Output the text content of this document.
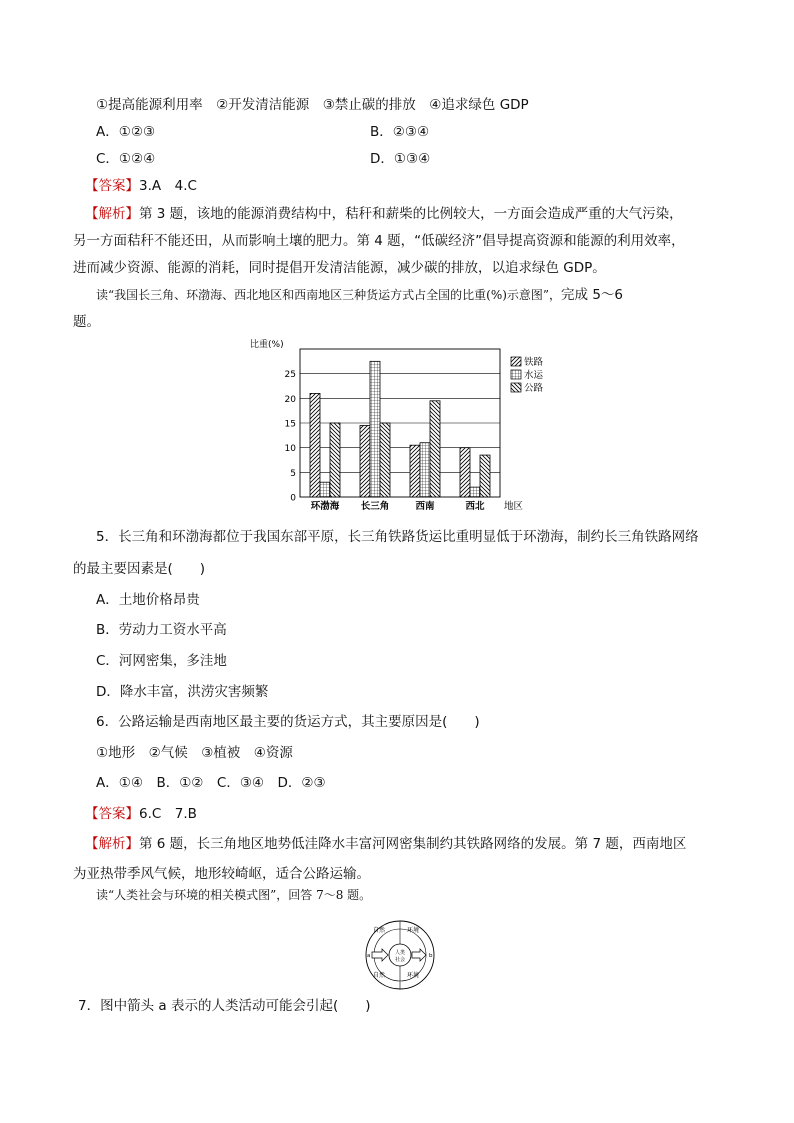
①提高能源利用率　②开发清洁能源　③禁止碳的排放　④追求绿色 GDP
A．①②③	B．②③④
C．①②④	D．①③④
【答案】3.A　4.C
【解析】第 3 题，该地的能源消费结构中，秸秆和薪柴的比例较大，一方面会造成严重的大气污染，
另一方面秸秆不能还田，从而影响土壤的肥力。第 4 题，“低碳经济”倡导提高资源和能源的利用效率，
进而减少资源、能源的消耗，同时提倡开发清洁能源，减少碳的排放，以追求绿色 GDP。
读“我国长三角、环渤海、西北地区和西南地区三种货运方式占全国的比重(%)示意图”，完成 5～6
题。
0
5
10
15
20
25
比重(%)
环渤海 长三角	西南	西北 地区
铁路
水运
公路
5．长三角和环渤海都位于我国东部平原，长三角铁路货运比重明显低于环渤海，制约长三角铁路网络
的最主要因素是(　　)
A．土地价格昂贵
B．劳动力工资水平高
C．河网密集，多洼地
D．降水丰富，洪涝灾害频繁
6．公路运输是西南地区最主要的货运方式，其主要原因是(　　)
①地形　②气候　③植被　④资源
A．①④　B．①②　C．③④　D．②③
【答案】6.C　7.B
【解析】第 6 题，长三角地区地势低洼降水丰富河网密集制约其铁路网络的发展。第 7 题，西南地区
为亚热带季风气候，地形较崎岖，适合公路运输。
读“人类社会与环境的相关模式图”，回答 7～8 题。
自然	环境
自然	环境
人类
社会
a	b
7．图中箭头 a 表示的人类活动可能会引起(　　)
